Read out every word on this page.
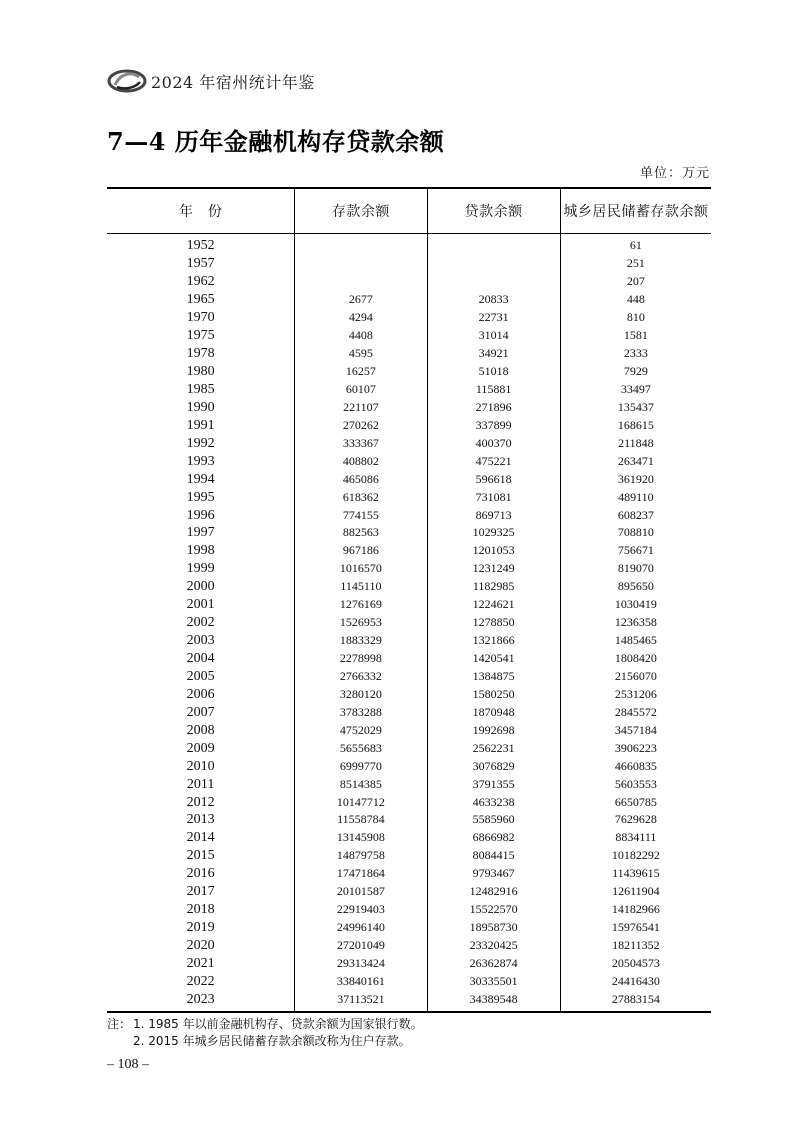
2024 年宿州统计年鉴
7—4 历年金融机构存贷款余额
单位：万元
年　份	存款余额	贷款余额	城乡居民储蓄存款余额
1952			61
1957			251
1962			207
1965	2677	20833	448
1970	4294	22731	810
1975	4408	31014	1581
1978	4595	34921	2333
1980	16257	51018	7929
1985	60107	115881	33497
1990	221107	271896	135437
1991	270262	337899	168615
1992	333367	400370	211848
1993	408802	475221	263471
1994	465086	596618	361920
1995	618362	731081	489110
1996	774155	869713	608237
1997	882563	1029325	708810
1998	967186	1201053	756671
1999	1016570	1231249	819070
2000	1145110	1182985	895650
2001	1276169	1224621	1030419
2002	1526953	1278850	1236358
2003	1883329	1321866	1485465
2004	2278998	1420541	1808420
2005	2766332	1384875	2156070
2006	3280120	1580250	2531206
2007	3783288	1870948	2845572
2008	4752029	1992698	3457184
2009	5655683	2562231	3906223
2010	6999770	3076829	4660835
2011	8514385	3791355	5603553
2012	10147712	4633238	6650785
2013	11558784	5585960	7629628
2014	13145908	6866982	8834111
2015	14879758	8084415	10182292
2016	17471864	9793467	11439615
2017	20101587	12482916	12611904
2018	22919403	15522570	14182966
2019	24996140	18958730	15976541
2020	27201049	23320425	18211352
2021	29313424	26362874	20504573
2022	33840161	30335501	24416430
2023	37113521	34389548	27883154
注： 1. 1985 年以前金融机构存、贷款余额为国家银行数。
2. 2015 年城乡居民储蓄存款余额改称为住户存款。
– 108 –
